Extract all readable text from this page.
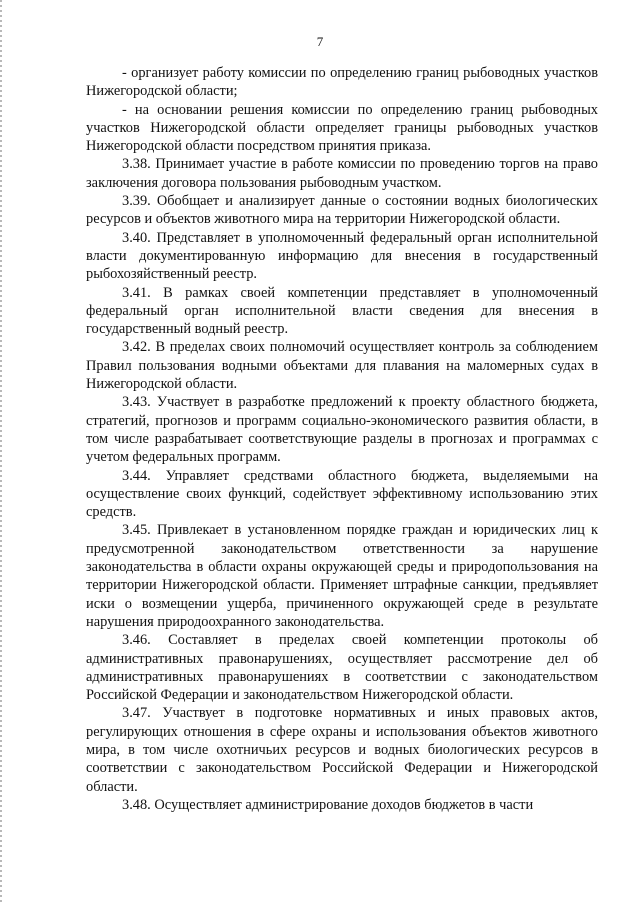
7

- организует работу комиссии по определению границ рыбоводных участков Нижегородской области;

- на основании решения комиссии по определению границ рыбоводных участков Нижегородской области определяет границы рыбоводных участков Нижегородской области посредством принятия приказа.

3.38. Принимает участие в работе комиссии по проведению торгов на право заключения договора пользования рыбоводным участком.

3.39. Обобщает и анализирует данные о состоянии водных биологических ресурсов и объектов животного мира на территории Нижегородской области.

3.40. Представляет в уполномоченный федеральный орган исполнительной власти документированную информацию для внесения в государственный рыбохозяйственный реестр.

3.41. В рамках своей компетенции представляет в уполномоченный федеральный орган исполнительной власти сведения для внесения в государственный водный реестр.

3.42. В пределах своих полномочий осуществляет контроль за соблюдением Правил пользования водными объектами для плавания на маломерных судах в Нижегородской области.

3.43. Участвует в разработке предложений к проекту областного бюджета, стратегий, прогнозов и программ социально-экономического развития области, в том числе разрабатывает соответствующие разделы в прогнозах и программах с учетом федеральных программ.

3.44. Управляет средствами областного бюджета, выделяемыми на осуществление своих функций, содействует эффективному использованию этих средств.

3.45. Привлекает в установленном порядке граждан и юридических лиц к предусмотренной законодательством ответственности за нарушение законодательства в области охраны окружающей среды и природопользования на территории Нижегородской области. Применяет штрафные санкции, предъявляет иски о возмещении ущерба, причиненного окружающей среде в результате нарушения природоохранного законодательства.

3.46. Составляет в пределах своей компетенции протоколы об административных правонарушениях, осуществляет рассмотрение дел об административных правонарушениях в соответствии с законодательством Российской Федерации и законодательством Нижегородской области.

3.47. Участвует в подготовке нормативных и иных правовых актов, регулирующих отношения в сфере охраны и использования объектов животного мира, в том числе охотничьих ресурсов и водных биологических ресурсов в соответствии с законодательством Российской Федерации и Нижегородской области.

3.48. Осуществляет администрирование доходов бюджетов в части
